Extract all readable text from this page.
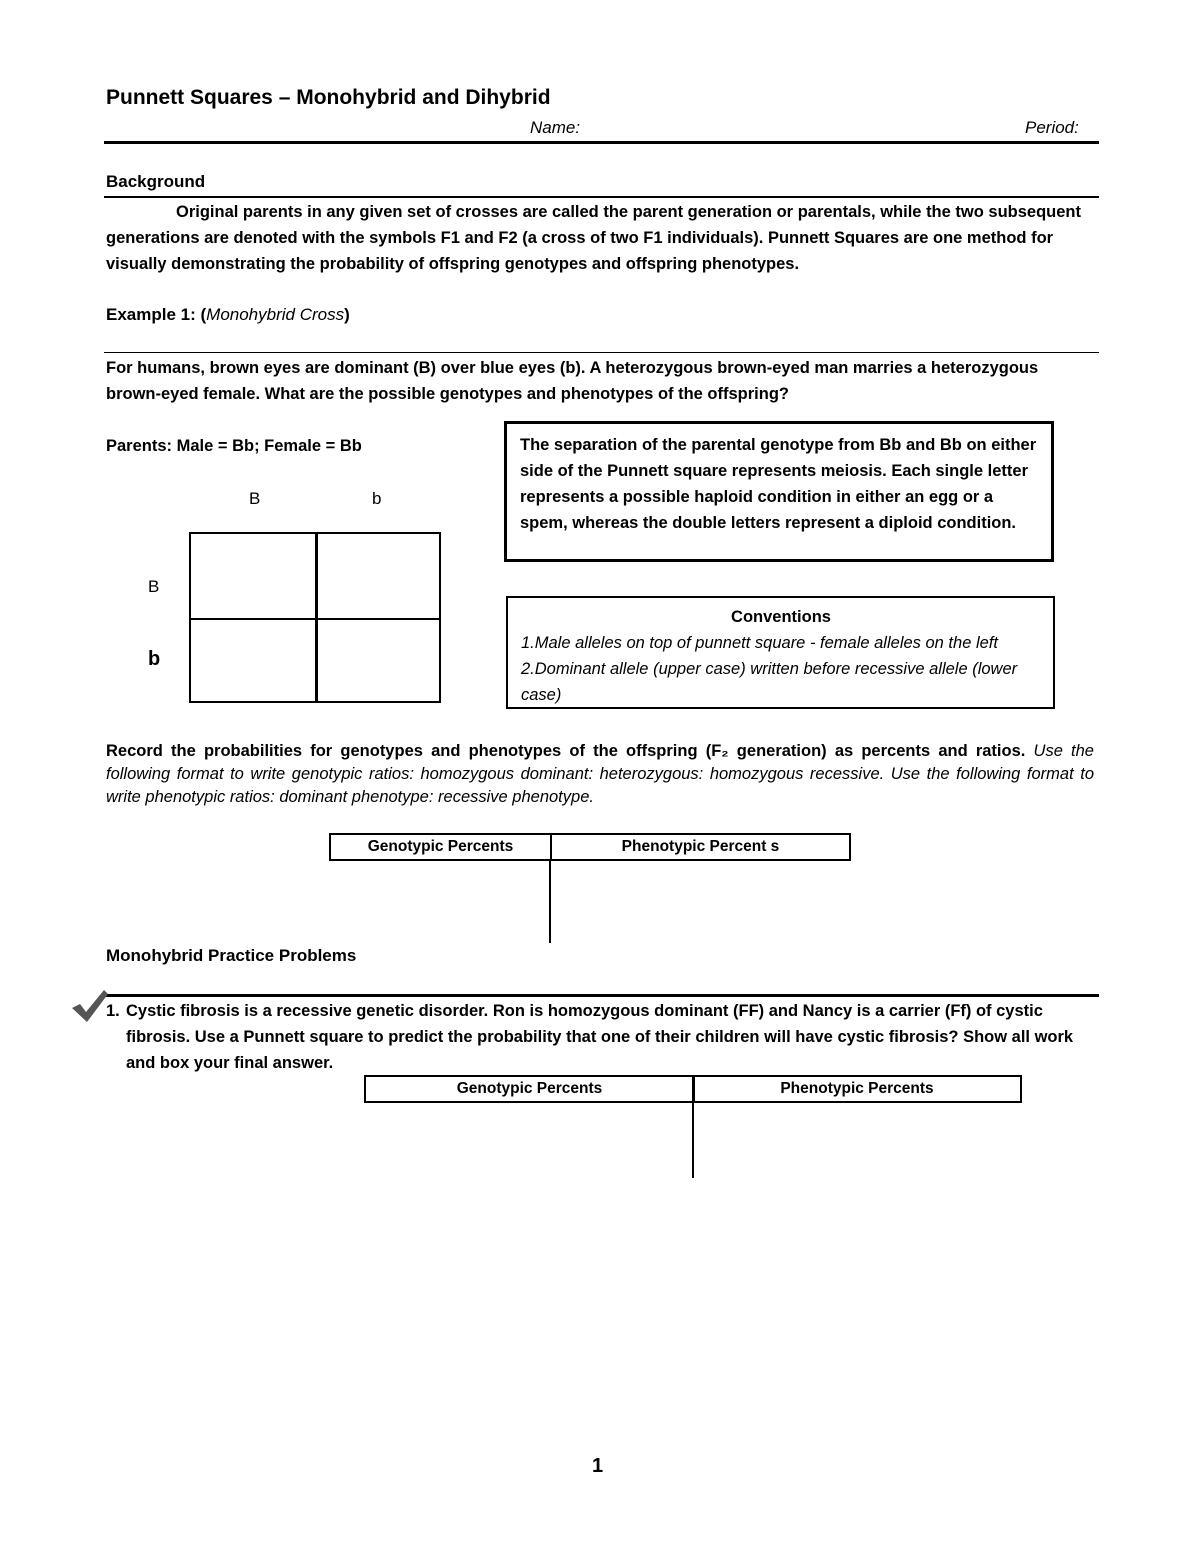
Punnett Squares – Monohybrid and Dihybrid
Name:	Period:
Background

Original parents in any given set of crosses are called the parent generation or parentals, while the two subsequent generations are denoted with the symbols F1 and F2 (a cross of two F1 individuals). Punnett Squares are one method for visually demonstrating the probability of offspring genotypes and offspring phenotypes.

Example 1: (Monohybrid Cross)

For humans, brown eyes are dominant (B) over blue eyes (b). A heterozygous brown-eyed man marries a heterozygous brown-eyed female. What are the possible genotypes and phenotypes of the offspring?

Parents: Male = Bb; Female = Bb
B	b
B
b
The separation of the parental genotype from Bb and Bb on either side of the Punnett square represents meiosis. Each single letter represents a possible haploid condition in either an egg or a spem, whereas the double letters represent a diploid condition.
Conventions
1.Male alleles on top of punnett square - female alleles on the left
2.Dominant allele (upper case) written before recessive allele (lower case)
Record the probabilities for genotypes and phenotypes of the offspring (F₂ generation) as percents and ratios. Use the following format to write genotypic ratios: homozygous dominant: heterozygous: homozygous recessive. Use the following format to write phenotypic ratios: dominant phenotype: recessive phenotype.
Genotypic Percents	Phenotypic Percent s
Monohybrid Practice Problems
1. Cystic fibrosis is a recessive genetic disorder. Ron is homozygous dominant (FF) and Nancy is a carrier (Ff) of cystic fibrosis. Use a Punnett square to predict the probability that one of their children will have cystic fibrosis? Show all work and box your final answer.
Genotypic Percents	Phenotypic Percents
1
